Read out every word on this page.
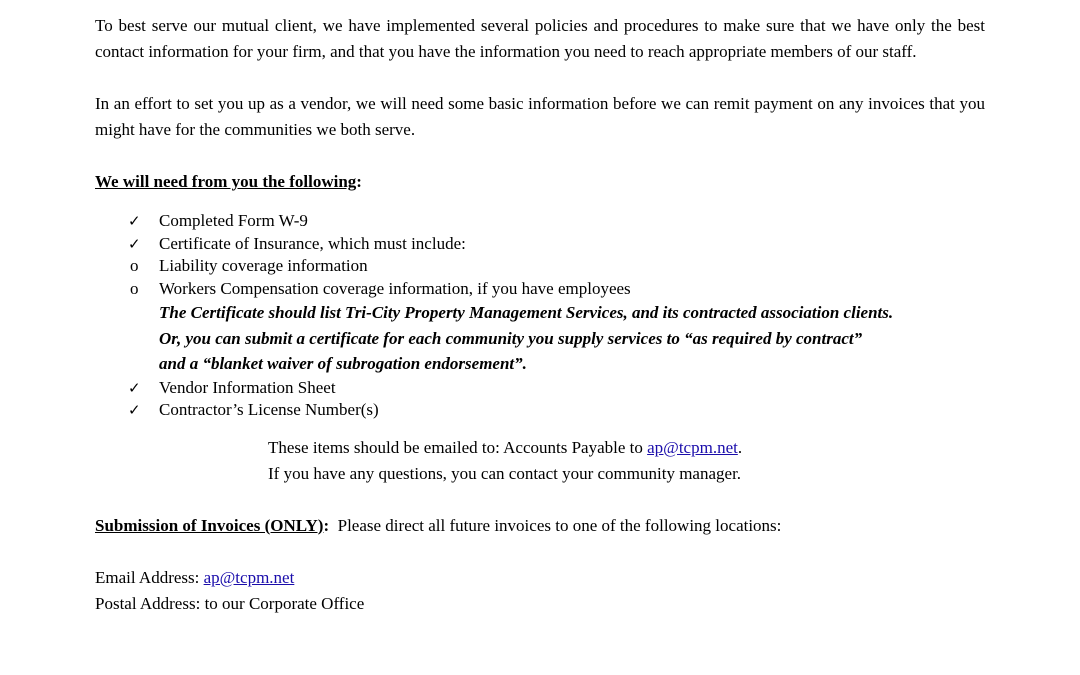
To best serve our mutual client, we have implemented several policies and procedures to make sure that we have only the best contact information for your firm, and that you have the information you need to reach appropriate members of our staff.

In an effort to set you up as a vendor, we will need some basic information before we can remit payment on any invoices that you might have for the communities we both serve.

We will need from you the following:

✓	Completed Form W-9
✓	Certificate of Insurance, which must include:
o	Liability coverage information
o	Workers Compensation coverage information, if you have employees

The Certificate should list Tri-City Property Management Services, and its contracted association clients.

Or, you can submit a certificate for each community you supply services to “as required by contract”

and a “blanket waiver of subrogation endorsement”.

✓	Vendor Information Sheet
✓	Contractor’s License Number(s)

These items should be emailed to: Accounts Payable to ap@tcpm.net.

If you have any questions, you can contact your community manager.

Submission of Invoices (ONLY): Please direct all future invoices to one of the following locations:

Email Address: ap@tcpm.net

Postal Address: to our Corporate Office
